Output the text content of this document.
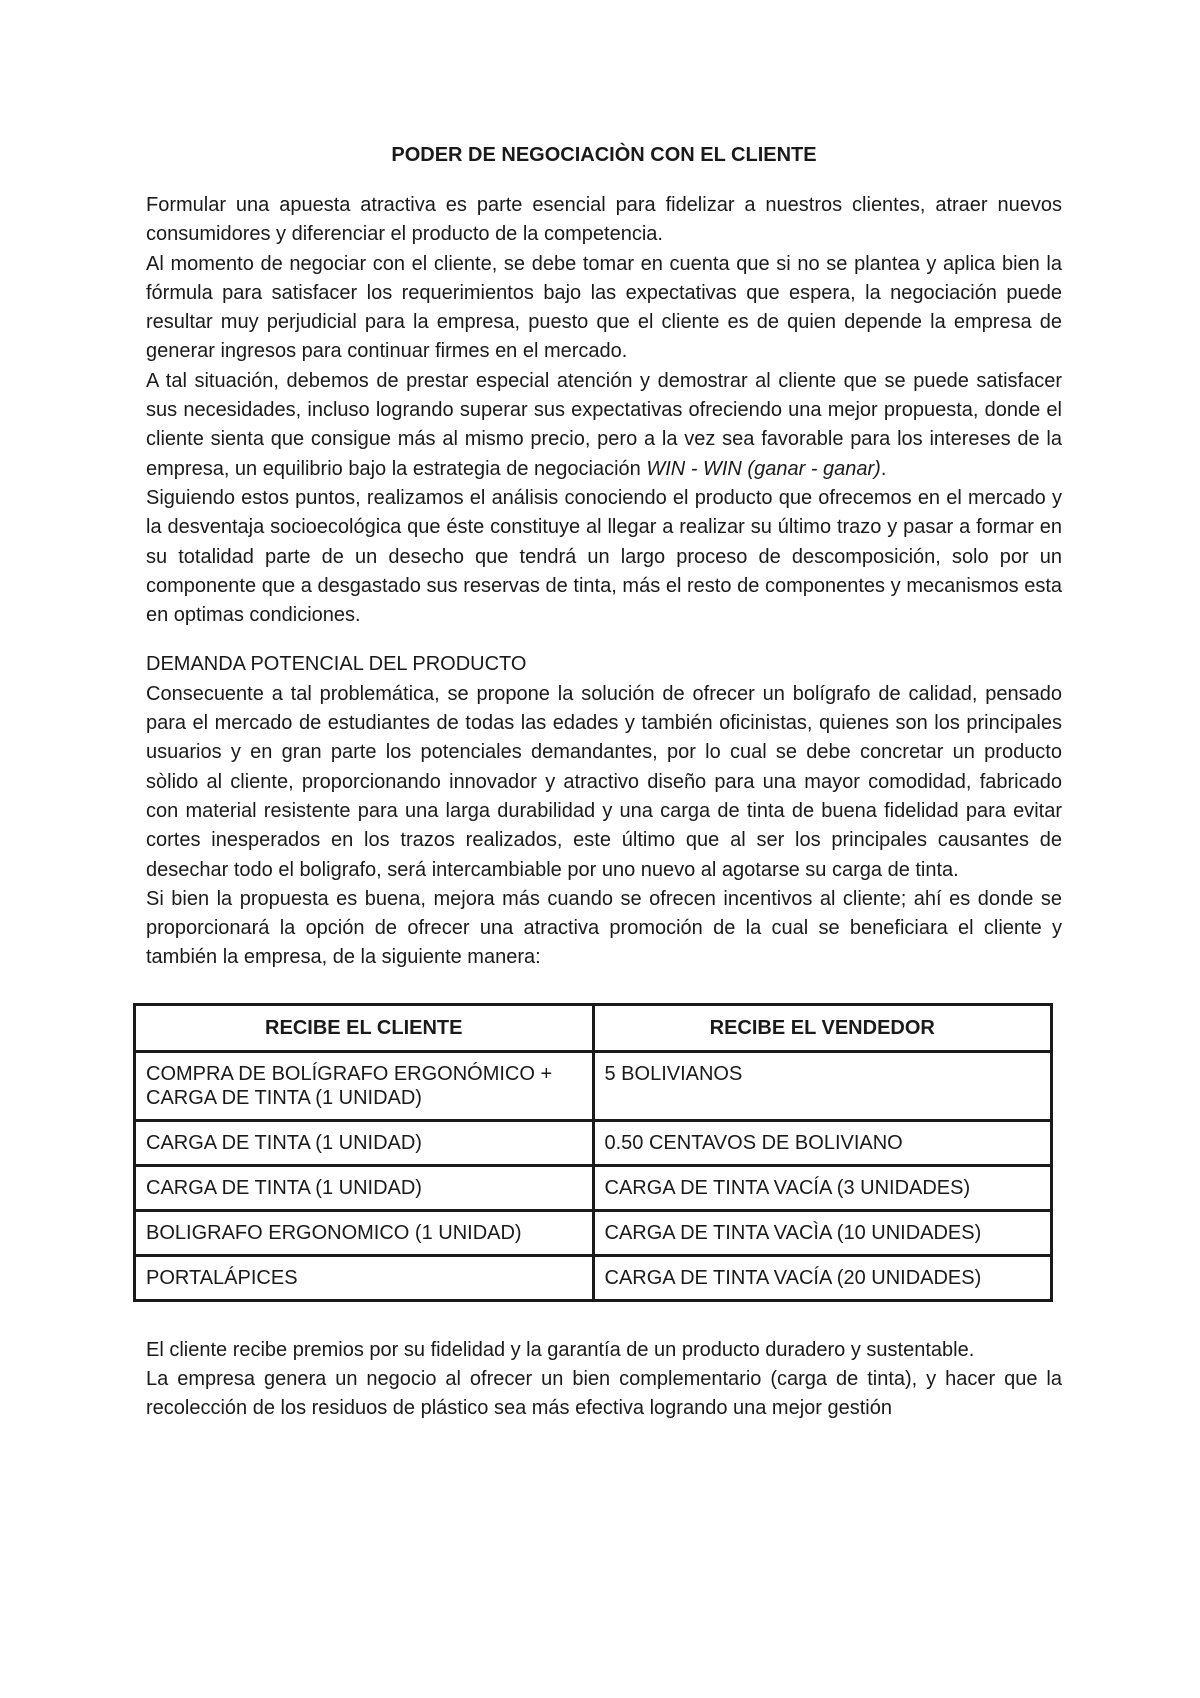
PODER DE NEGOCIACIÒN CON EL CLIENTE

Formular una apuesta atractiva es parte esencial para fidelizar a nuestros clientes, atraer nuevos consumidores y diferenciar el producto de la competencia.

Al momento de negociar con el cliente, se debe tomar en cuenta que si no se plantea y aplica bien la fórmula para satisfacer los requerimientos bajo las expectativas que espera, la negociación puede resultar muy perjudicial para la empresa, puesto que el cliente es de quien depende la empresa de generar ingresos para continuar firmes en el mercado.

A tal situación, debemos de prestar especial atención y demostrar al cliente que se puede satisfacer sus necesidades, incluso logrando superar sus expectativas ofreciendo una mejor propuesta, donde el cliente sienta que consigue más al mismo precio, pero a la vez sea favorable para los intereses de la empresa, un equilibrio bajo la estrategia de negociación WIN - WIN (ganar - ganar).

Siguiendo estos puntos, realizamos el análisis conociendo el producto que ofrecemos en el mercado y la desventaja socioecológica que éste constituye al llegar a realizar su último trazo y pasar a formar en su totalidad parte de un desecho que tendrá un largo proceso de descomposición, solo por un componente que a desgastado sus reservas de tinta, más el resto de componentes y mecanismos esta en optimas condiciones.

DEMANDA POTENCIAL DEL PRODUCTO

Consecuente a tal problemática, se propone la solución de ofrecer un bolígrafo de calidad, pensado para el mercado de estudiantes de todas las edades y también oficinistas, quienes son los principales usuarios y en gran parte los potenciales demandantes, por lo cual se debe concretar un producto sòlido al cliente, proporcionando innovador y atractivo diseño para una mayor comodidad, fabricado con material resistente para una larga durabilidad y una carga de tinta de buena fidelidad para evitar cortes inesperados en los trazos realizados, este último que al ser los principales causantes de desechar todo el boligrafo, será intercambiable por uno nuevo al agotarse su carga de tinta.

Si bien la propuesta es buena, mejora más cuando se ofrecen incentivos al cliente; ahí es donde se proporcionará la opción de ofrecer una atractiva promoción de la cual se beneficiara el cliente y también la empresa, de la siguiente manera:

RECIBE EL CLIENTE	RECIBE EL VENDEDOR
COMPRA DE BOLÍGRAFO ERGONÓMICO + CARGA DE TINTA (1 UNIDAD)	5 BOLIVIANOS
CARGA DE TINTA (1 UNIDAD)	0.50 CENTAVOS DE BOLIVIANO
CARGA DE TINTA (1 UNIDAD)	CARGA DE TINTA VACÍA (3 UNIDADES)
BOLIGRAFO ERGONOMICO (1 UNIDAD)	CARGA DE TINTA VACÌA (10 UNIDADES)
PORTALÁPICES	CARGA DE TINTA VACÍA (20 UNIDADES)

El cliente recibe premios por su fidelidad y la garantía de un producto duradero y sustentable.

La empresa genera un negocio al ofrecer un bien complementario (carga de tinta), y hacer que la recolección de los residuos de plástico sea más efectiva logrando una mejor gestión
